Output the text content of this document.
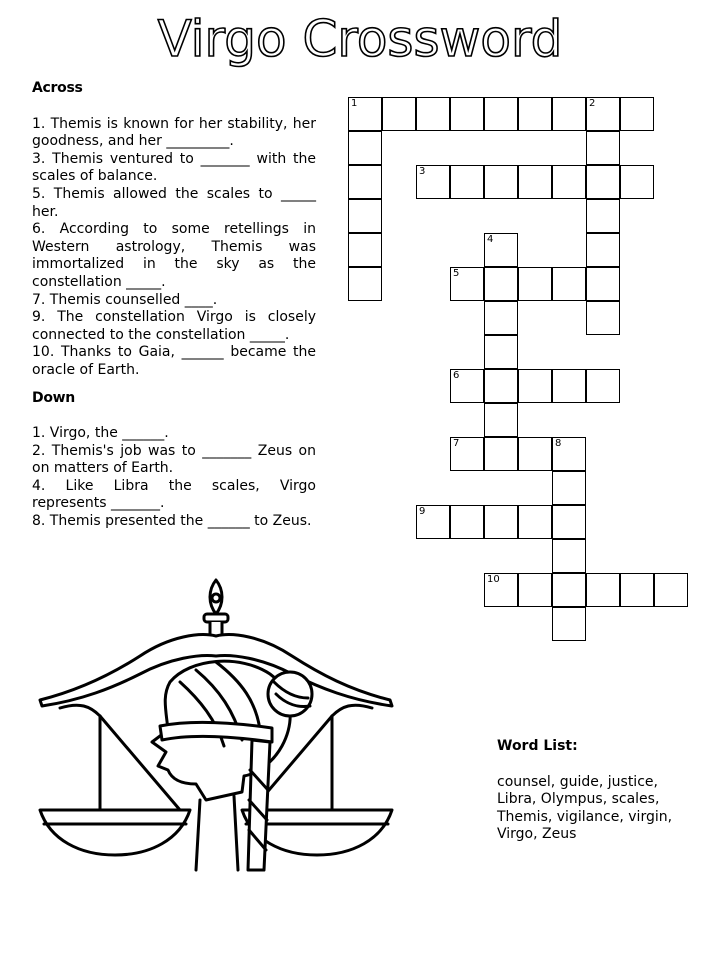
Virgo Crossword
Across

1. Themis is known for her stability, her goodness, and her _________.

3. Themis ventured to _______ with the scales of balance.

5. Themis allowed the scales to _____ her.

6. According to some retellings in Western astrology, Themis was immortalized in the sky as the constellation _____.

7. Themis counselled ____.

9. The constellation Virgo is closely connected to the constellation _____.

10. Thanks to Gaia, ______ became the oracle of Earth.

Down

1. Virgo, the ______.

2. Themis's job was to _______ Zeus on on matters of Earth.

4. Like Libra the scales, Virgo represents _______.

8. Themis presented the ______ to Zeus.

1	2
3
4
5
6
7	8
9
10
Word List:
counsel, guide, justice, Libra, Olympus, scales, Themis, vigilance, virgin, Virgo, Zeus
